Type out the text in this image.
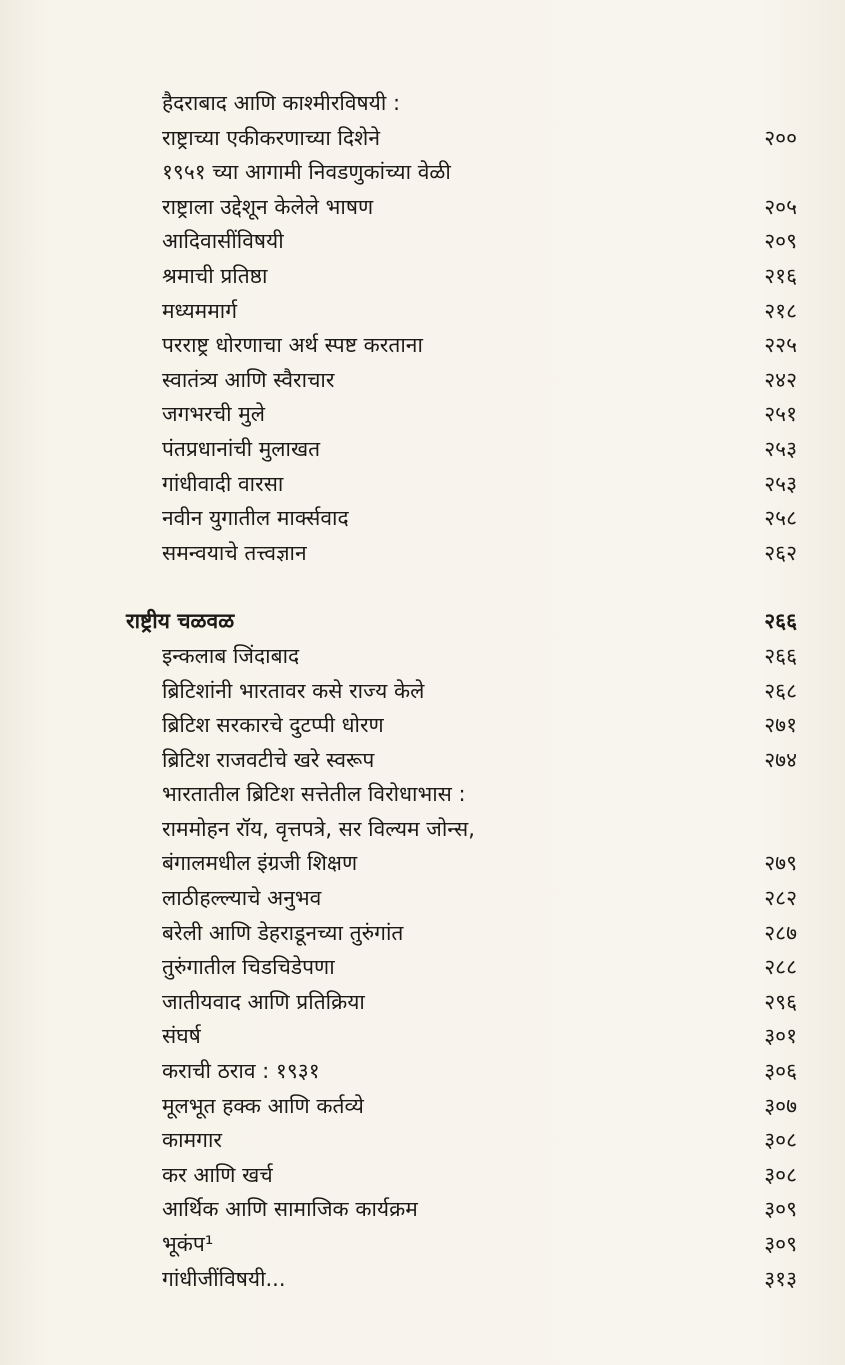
हैदराबाद आणि काश्मीरविषयी :
राष्ट्राच्या एकीकरणाच्या दिशेने	२००
१९५१ च्या आगामी निवडणुकांच्या वेळी
राष्ट्राला उद्देशून केलेले भाषण	२०५
आदिवासींविषयी	२०९
श्रमाची प्रतिष्ठा	२१६
मध्यममार्ग	२१८
परराष्ट्र धोरणाचा अर्थ स्पष्ट करताना	२२५
स्वातंत्र्य आणि स्वैराचार	२४२
जगभरची मुले	२५१
पंतप्रधानांची मुलाखत	२५३
गांधीवादी वारसा	२५३
नवीन युगातील मार्क्सवाद	२५८
समन्वयाचे तत्त्वज्ञान	२६२
राष्ट्रीय चळवळ	२६६
इन्कलाब जिंदाबाद	२६६
ब्रिटिशांनी भारतावर कसे राज्य केले	२६८
ब्रिटिश सरकारचे दुटप्पी धोरण	२७१
ब्रिटिश राजवटीचे खरे स्वरूप	२७४
भारतातील ब्रिटिश सत्तेतील विरोधाभास :
राममोहन रॉय, वृत्तपत्रे, सर विल्यम जोन्स,
बंगालमधील इंग्रजी शिक्षण	२७९
लाठीहल्ल्याचे अनुभव	२८२
बरेली आणि डेहराडूनच्या तुरुंगांत	२८७
तुरुंगातील चिडचिडेपणा	२८८
जातीयवाद आणि प्रतिक्रिया	२९६
संघर्ष	३०१
कराची ठराव : १९३१	३०६
मूलभूत हक्क आणि कर्तव्ये	३०७
कामगार	३०८
कर आणि खर्च	३०८
आर्थिक आणि सामाजिक कार्यक्रम	३०९
भूकंप¹	३०९
गांधीजींविषयी...	३१३
